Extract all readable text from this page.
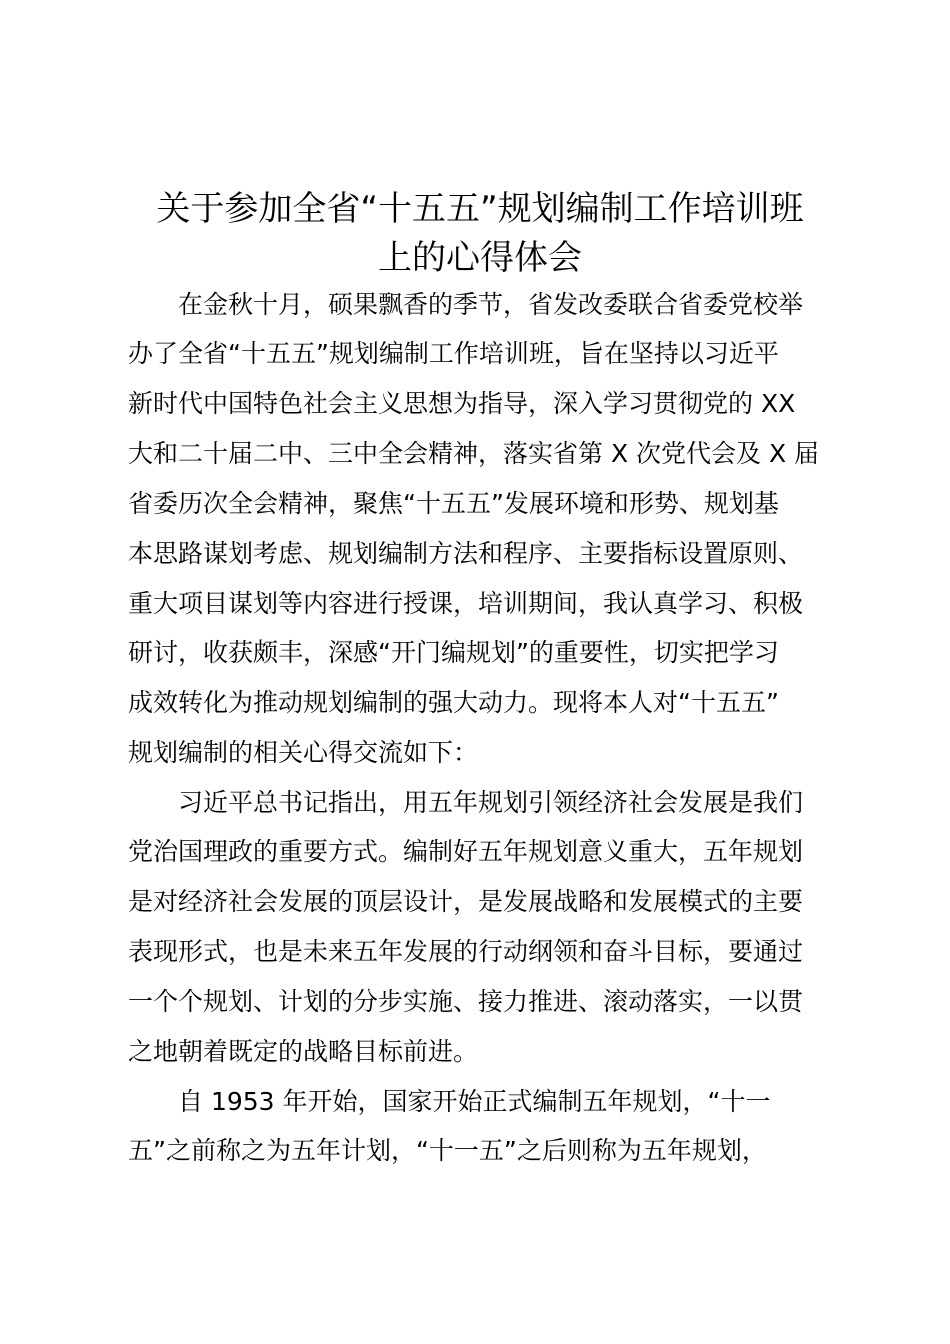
关于参加全省“十五五”规划编制工作培训班
上的心得体会

　　在金秋十月，硕果飘香的季节，省发改委联合省委党校举

办了全省“十五五”规划编制工作培训班，旨在坚持以习近平

新时代中国特色社会主义思想为指导，深入学习贯彻党的 XX

大和二十届二中、三中全会精神，落实省第 X 次党代会及 X 届

省委历次全会精神，聚焦“十五五”发展环境和形势、规划基

本思路谋划考虑、规划编制方法和程序、主要指标设置原则、

重大项目谋划等内容进行授课，培训期间，我认真学习、积极

研讨，收获颇丰，深感“开门编规划”的重要性，切实把学习

成效转化为推动规划编制的强大动力。现将本人对“十五五”

规划编制的相关心得交流如下：

　　习近平总书记指出，用五年规划引领经济社会发展是我们

党治国理政的重要方式。编制好五年规划意义重大，五年规划

是对经济社会发展的顶层设计，是发展战略和发展模式的主要

表现形式，也是未来五年发展的行动纲领和奋斗目标，要通过

一个个规划、计划的分步实施、接力推进、滚动落实，一以贯

之地朝着既定的战略目标前进。

　　自 1953 年开始，国家开始正式编制五年规划，“十一

五”之前称之为五年计划，“十一五”之后则称为五年规划，
